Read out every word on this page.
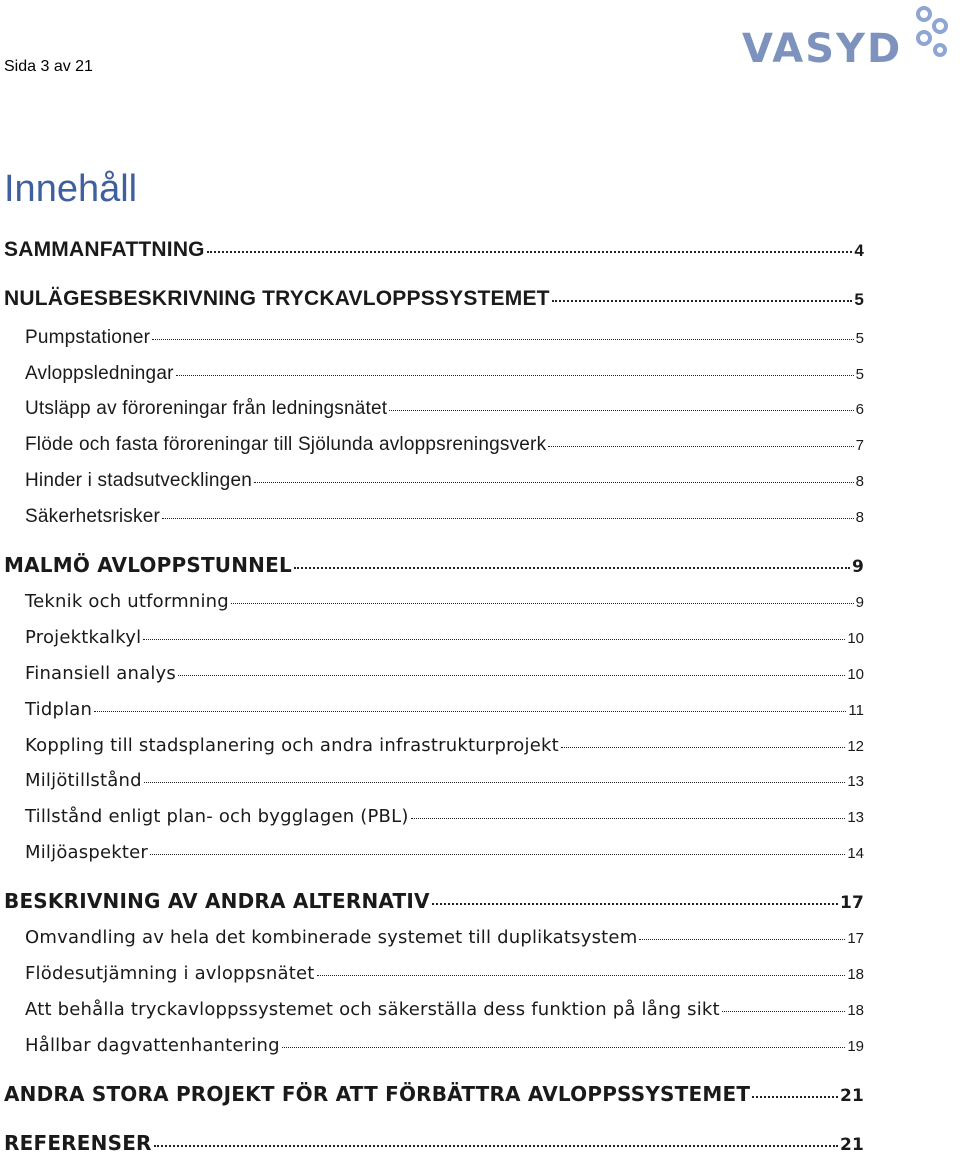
Sida 3 av 21	VASYD
Innehåll
SAMMANFATTNING	4
NULÄGESBESKRIVNING TRYCKAVLOPPSSYSTEMET	5
Pumpstationer	5
Avloppsledningar	5
Utsläpp av föroreningar från ledningsnätet	6
Flöde och fasta föroreningar till Sjölunda avloppsreningsverk	7
Hinder i stadsutvecklingen	8
Säkerhetsrisker	8
MALMÖ AVLOPPSTUNNEL	9
Teknik och utformning	9
Projektkalkyl	10
Finansiell analys	10
Tidplan	11
Koppling till stadsplanering och andra infrastrukturprojekt	12
Miljötillstånd	13
Tillstånd enligt plan- och bygglagen (PBL)	13
Miljöaspekter	14
BESKRIVNING AV ANDRA ALTERNATIV	17
Omvandling av hela det kombinerade systemet till duplikatsystem	17
Flödesutjämning i avloppsnätet	18
Att behålla tryckavloppssystemet och säkerställa dess funktion på lång sikt	18
Hållbar dagvattenhantering	19
ANDRA STORA PROJEKT FÖR ATT FÖRBÄTTRA AVLOPPSSYSTEMET	21
REFERENSER	21
